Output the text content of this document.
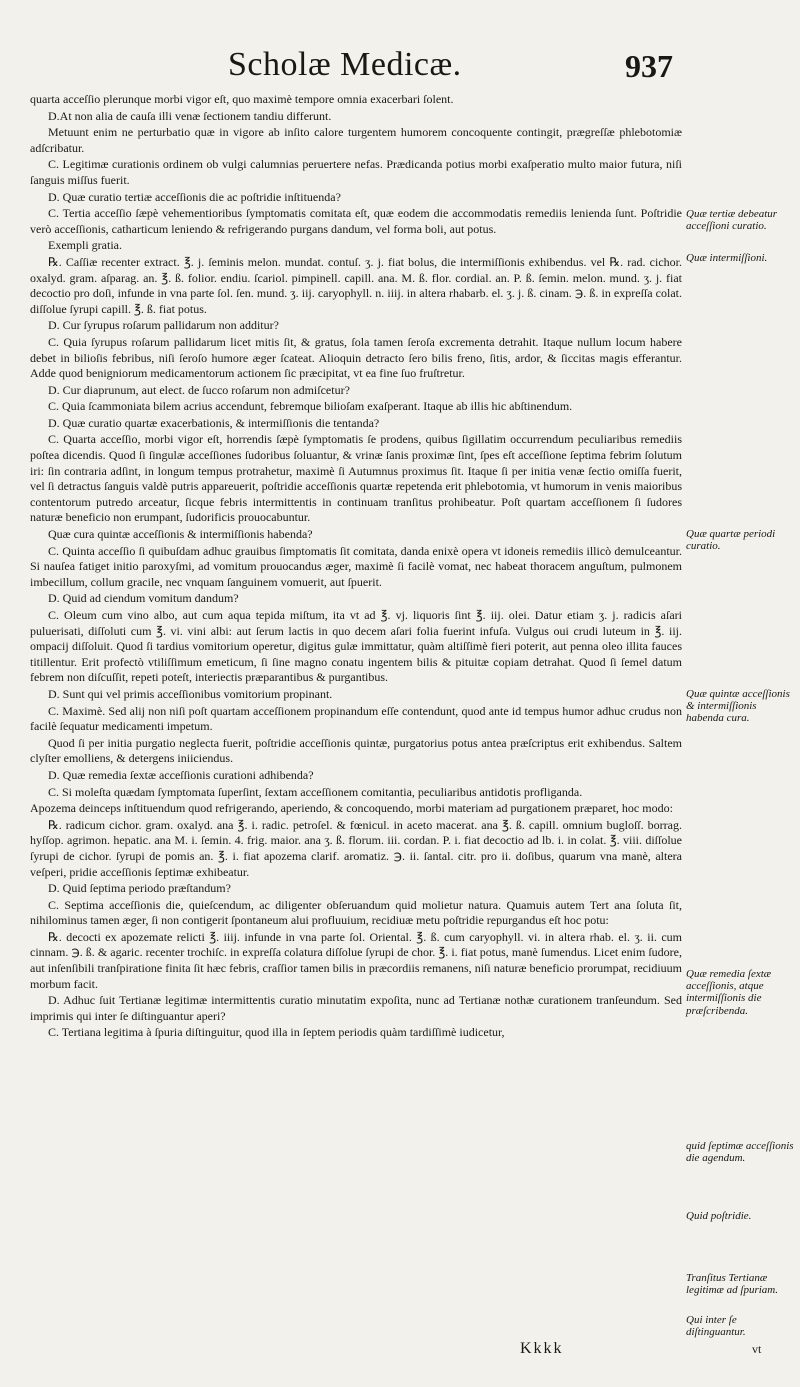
Scholæ Medicæ.	937

quarta acceſſio plerunque morbi vigor eſt, quo maximè tempore omnia exacerbari ſolent.

D.At non alia de cauſa illi venæ ſectionem tandiu differunt.

Metuunt enim ne perturbatio quæ in vigore ab inſito calore turgentem humorem concoquente contingit, prægreſſæ phlebotomiæ adſcribatur.

C. Legitimæ curationis ordinem ob vulgi calumnias peruertere nefas. Prædicanda potius morbi exaſperatio multo maior futura, niſi ſanguis miſſus fuerit.

D. Quæ curatio tertiæ acceſſionis die ac poſtridie inſtituenda?

C. Tertia acceſſio ſæpè vehementioribus ſymptomatis comitata eſt, quæ eodem die accommodatis remediis lenienda ſunt. Poſtridie verò acceſſionis, catharticum leniendo & refrigerando purgans dandum, vel forma boli, aut potus.

Exempli gratia.

℞. Caſſiæ recenter extract. ℥. j. ſeminis melon. mundat. contuſ. ʒ. j. fiat bolus, die intermiſſionis exhibendus. vel ℞. rad. cichor. oxalyd. gram. aſparag. an. ℥. ß. folior. endiu. ſcariol. pimpinell. capill. ana. M. ß. flor. cordial. an. P. ß. ſemin. melon. mund. ʒ. j. fiat decoctio pro doſi, infunde in vna parte ſol. ſen. mund. ʒ. iij. caryophyll. n. iiij. in altera rhabarb. el. ʒ. j. ß. cinam. ℈. ß. in expreſſa colat. diſſolue ſyrupi capill. ℥. ß. fiat potus.

D. Cur ſyrupus roſarum pallidarum non additur?

C. Quia ſyrupus roſarum pallidarum licet mitis ſit, & gratus, ſola tamen ſeroſa excrementa detrahit. Itaque nullum locum habere debet in bilioſis febribus, niſi ſeroſo humore æger ſcateat. Alioquin detracto ſero bilis freno, ſitis, ardor, & ſiccitas magis efferantur. Adde quod benigniorum medicamentorum actionem ſic præcipitat, vt ea fine ſuo fruſtretur.

D. Cur diaprunum, aut elect. de ſucco roſarum non admiſcetur?

C. Quia ſcammoniata bilem acrius accendunt, febremque bilioſam exaſperant. Itaque ab illis hic abſtinendum.

D. Quæ curatio quartæ exacerbationis, & intermiſſionis die tentanda?

C. Quarta acceſſio, morbi vigor eſt, horrendis ſæpè ſymptomatis ſe prodens, quibus ſigillatim occurrendum peculiaribus remediis poſtea dicendis. Quod ſi ſingulæ acceſſiones ſudoribus ſoluantur, & vrinæ ſanis proximæ ſint, ſpes eſt acceſſione ſeptima febrim ſolutum iri: ſin contraria adſint, in longum tempus protrahetur, maximè ſi Autumnus proximus ſit. Itaque ſi per initia venæ ſectio omiſſa fuerit, vel ſi detractus ſanguis valdè putris appareuerit, poſtridie acceſſionis quartæ repetenda erit phlebotomia, vt humorum in venis maioribus contentorum putredo arceatur, ſicque febris intermittentis in continuam tranſitus prohibeatur. Poſt quartam acceſſionem ſi ſudores naturæ beneficio non erumpant, ſudorificis prouocabuntur.

Quæ cura quintæ acceſſionis & intermiſſionis habenda?

C. Quinta acceſſio ſi quibuſdam adhuc grauibus ſimptomatis ſit comitata, danda enixè opera vt idoneis remediis illicò demulceantur. Si nauſea fatiget initio paroxyſmi, ad vomitum prouocandus æger, maximè ſi facilè vomat, nec habeat thoracem anguſtum, pulmonem imbecillum, collum gracile, nec vnquam ſanguinem vomuerit, aut ſpuerit.

D. Quid ad ciendum vomitum dandum?

C. Oleum cum vino albo, aut cum aqua tepida miſtum, ita vt ad ℥. vj. liquoris ſint ℥. iij. olei. Datur etiam ʒ. j. radicis aſari puluerisati, diſſoluti cum ℥. vi. vini albi: aut ſerum lactis in quo decem aſari folia fuerint infuſa. Vulgus oui crudi luteum in ℥. iij. ompacij diſſoluit. Quod ſi tardius vomitorium operetur, digitus gulæ immittatur, quàm altiſſimè fieri poterit, aut penna oleo illita fauces titillentur. Erit profectò vtiliſſimum emeticum, ſi ſine magno conatu ingentem bilis & pituitæ copiam detrahat. Quod ſi ſemel datum febrem non diſcuſſit, repeti poteſt, interiectis præparantibus & purgantibus.

D. Sunt qui vel primis acceſſionibus vomitorium propinant.

C. Maximè. Sed alij non niſi poſt quartam acceſſionem propinandum eſſe contendunt, quod ante id tempus humor adhuc crudus non facilè ſequatur medicamenti impetum.

Quod ſi per initia purgatio neglecta fuerit, poſtridie acceſſionis quintæ, purgatorius potus antea præſcriptus erit exhibendus. Saltem clyſter emolliens, & detergens iniiciendus.

D. Quæ remedia ſextæ acceſſionis curationi adhibenda?

C. Si moleſta quædam ſymptomata ſuperſint, ſextam acceſſionem comitantia, peculiaribus antidotis profliganda.

Apozema deinceps inſtituendum quod refrigerando, aperiendo, & concoquendo, morbi materiam ad purgationem præparet, hoc modo:

℞. radicum cichor. gram. oxalyd. ana ℥. i. radic. petroſel. & fœnicul. in aceto macerat. ana ℥. ß. capill. omnium bugloſſ. borrag. hyſſop. agrimon. hepatic. ana M. i. ſemin. 4. frig. maior. ana ʒ. ß. florum. iii. cordan. P. i. fiat decoctio ad lb. i. in colat. ℥. viii. diſſolue ſyrupi de cichor. ſyrupi de pomis an. ℥. i. fiat apozema clarif. aromatiz. ℈. ii. ſantal. citr. pro ii. doſibus, quarum vna manè, altera veſperi, pridie acceſſionis ſeptimæ exhibeatur.

D. Quid ſeptima periodo præſtandum?

C. Septima acceſſionis die, quieſcendum, ac diligenter obſeruandum quid molietur natura. Quamuis autem Tert ana ſoluta ſit, nihilominus tamen æger, ſi non contigerit ſpontaneum alui profluuium, recidiuæ metu poſtridie repurgandus eſt hoc potu:

℞. decocti ex apozemate relicti ℥. iiij. infunde in vna parte ſol. Oriental. ℥. ß. cum caryophyll. vi. in altera rhab. el. ʒ. ii. cum cinnam. ℈. ß. & agaric. recenter trochiſc. in expreſſa colatura diſſolue ſyrupi de chor. ℥. i. fiat potus, manè ſumendus. Licet enim ſudore, aut inſenſibili tranſpiratione finita ſit hæc febris, craſſior tamen bilis in præcordiis remanens, niſi naturæ beneficio prorumpat, recidiuum morbum facit.

D. Adhuc ſuit Tertianæ legitimæ intermittentis curatio minutatim expoſita, nunc ad Tertianæ nothæ curationem tranſeundum. Sed imprimis qui inter ſe diſtinguantur aperi?

C. Tertiana legitima à ſpuria diſtinguitur, quod illa in ſeptem periodis quàm tardiſſimè iudicetur,

Quæ tertiæ debeatur acceſſioni curatio.
Quæ intermiſſioni.
Quæ quartæ periodi curatio.
Quæ quintæ acceſſionis & intermiſſionis habenda cura.
Quæ remedia ſextæ acceſſionis, atque intermiſſionis die præſcribenda.
quid ſeptimæ acceſſionis die agendum.
Quid poſtridie.
Tranſitus Tertianæ legitimæ ad ſpuriam.
Qui inter ſe diſtinguantur.
Kkkk	vt
